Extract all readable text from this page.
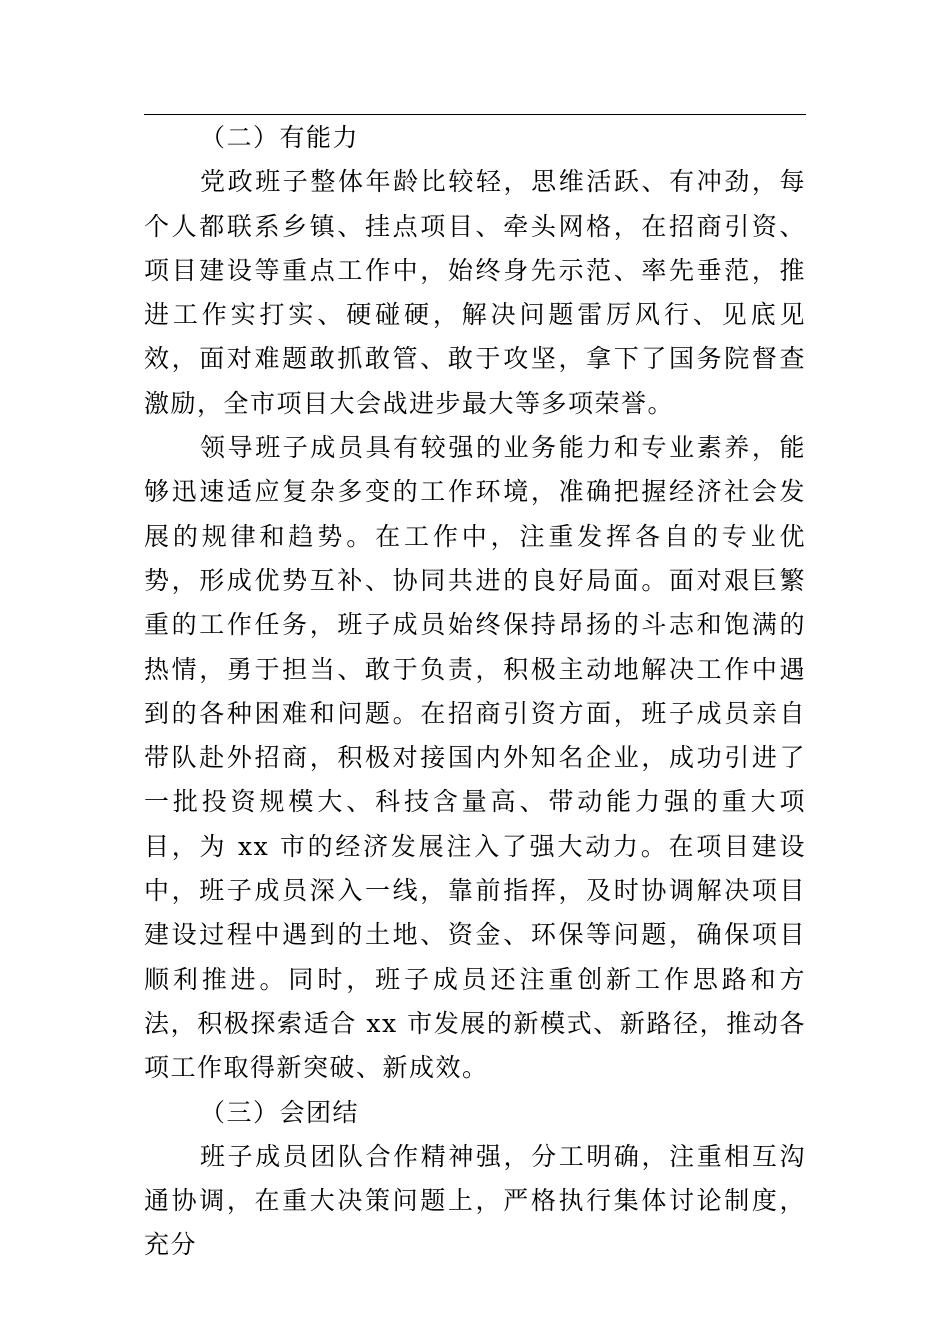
（二）有能力

党政班子整体年龄比较轻，思维活跃、有冲劲，每个人都联系乡镇、挂点项目、牵头网格，在招商引资、项目建设等重点工作中，始终身先示范、率先垂范，推进工作实打实、硬碰硬，解决问题雷厉风行、见底见效，面对难题敢抓敢管、敢于攻坚，拿下了国务院督查激励，全市项目大会战进步最大等多项荣誉。

领导班子成员具有较强的业务能力和专业素养，能够迅速适应复杂多变的工作环境，准确把握经济社会发展的规律和趋势。在工作中，注重发挥各自的专业优势，形成优势互补、协同共进的良好局面。面对艰巨繁重的工作任务，班子成员始终保持昂扬的斗志和饱满的热情，勇于担当、敢于负责，积极主动地解决工作中遇到的各种困难和问题。在招商引资方面，班子成员亲自带队赴外招商，积极对接国内外知名企业，成功引进了一批投资规模大、科技含量高、带动能力强的重大项目，为 xx 市的经济发展注入了强大动力。在项目建设中，班子成员深入一线，靠前指挥，及时协调解决项目建设过程中遇到的土地、资金、环保等问题，确保项目顺利推进。同时，班子成员还注重创新工作思路和方法，积极探索适合 xx 市发展的新模式、新路径，推动各项工作取得新突破、新成效。

（三）会团结

班子成员团队合作精神强，分工明确，注重相互沟通协调，在重大决策问题上，严格执行集体讨论制度，充分
